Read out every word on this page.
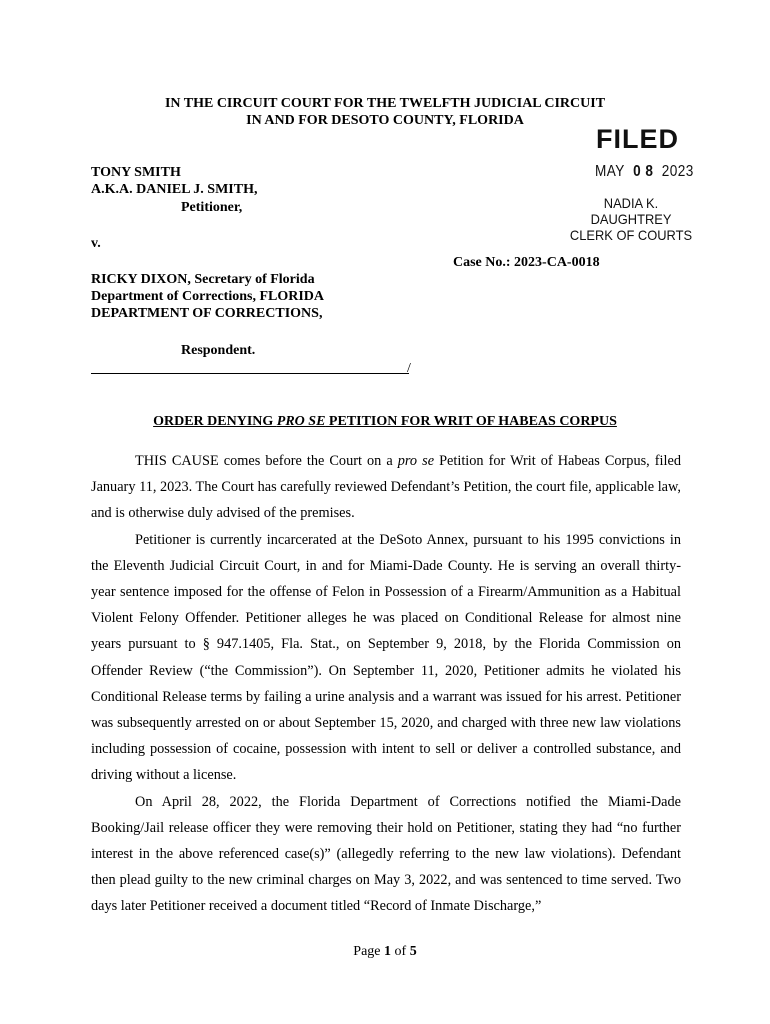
IN THE CIRCUIT COURT FOR THE TWELFTH JUDICIAL CIRCUIT
IN AND FOR DESOTO COUNTY, FLORIDA
FILED
MAY 0 8 2023
NADIA K. DAUGHTREY
CLERK OF COURTS
TONY SMITH
A.K.A. DANIEL J. SMITH,
Petitioner,
v.
Case No.: 2023-CA-0018
RICKY DIXON, Secretary of Florida
Department of Corrections, FLORIDA
DEPARTMENT OF CORRECTIONS,
Respondent.
/
ORDER DENYING PRO SE PETITION FOR WRIT OF HABEAS CORPUS

THIS CAUSE comes before the Court on a pro se Petition for Writ of Habeas Corpus, filed January 11, 2023. The Court has carefully reviewed Defendant’s Petition, the court file, applicable law, and is otherwise duly advised of the premises.

Petitioner is currently incarcerated at the DeSoto Annex, pursuant to his 1995 convictions in the Eleventh Judicial Circuit Court, in and for Miami-Dade County. He is serving an overall thirty-year sentence imposed for the offense of Felon in Possession of a Firearm/Ammunition as a Habitual Violent Felony Offender. Petitioner alleges he was placed on Conditional Release for almost nine years pursuant to § 947.1405, Fla. Stat., on September 9, 2018, by the Florida Commission on Offender Review (“the Commission”). On September 11, 2020, Petitioner admits he violated his Conditional Release terms by failing a urine analysis and a warrant was issued for his arrest. Petitioner was subsequently arrested on or about September 15, 2020, and charged with three new law violations including possession of cocaine, possession with intent to sell or deliver a controlled substance, and driving without a license.

On April 28, 2022, the Florida Department of Corrections notified the Miami-Dade Booking/Jail release officer they were removing their hold on Petitioner, stating they had “no further interest in the above referenced case(s)” (allegedly referring to the new law violations). Defendant then plead guilty to the new criminal charges on May 3, 2022, and was sentenced to time served. Two days later Petitioner received a document titled “Record of Inmate Discharge,”

Page 1 of 5
